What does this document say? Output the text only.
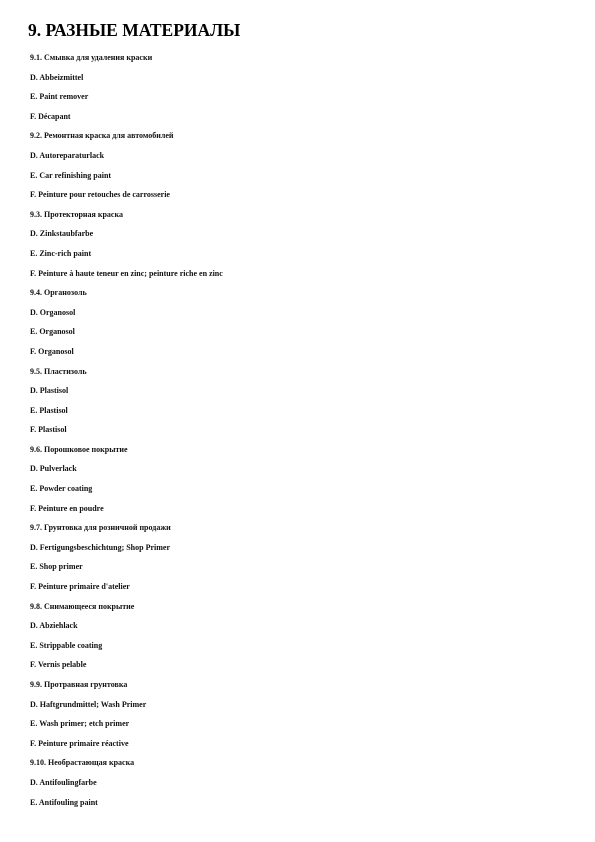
9. РАЗНЫЕ МАТЕРИАЛЫ
9.1. Смывка для удаления краски
D. Abbeizmittel
E. Paint remover
F. Décapant
9.2. Ремонтная краска для автомобилей
D. Autoreparaturlack
E. Car refinishing paint
F. Peinture pour retouches de carrosserie
9.3. Протекторная краска
D. Zinkstaubfarbe
E. Zinc-rich paint
F. Peinture à haute teneur en zinc; peinture riche en zinc
9.4. Органозоль
D. Organosol
E. Organosol
F. Organosol
9.5. Пластизоль
D. Plastisol
E. Plastisol
F. Plastisol
9.6. Порошковое покрытие
D. Pulverlack
E. Powder coating
F. Peinture en poudre
9.7. Грунтовка для розничной продажи
D. Fertigungsbeschichtung; Shop Primer
E. Shop primer
F. Peinture primaire d'atelier
9.8. Снимающееся покрытие
D. Abziehlack
E. Strippable coating
F. Vernis pelable
9.9. Протравная грунтовка
D. Haftgrundmittel; Wash Primer
E. Wash primer; etch primer
F. Peinture primaire réactive
9.10. Необрастающая краска
D. Antifoulingfarbe
E. Antifouling paint
